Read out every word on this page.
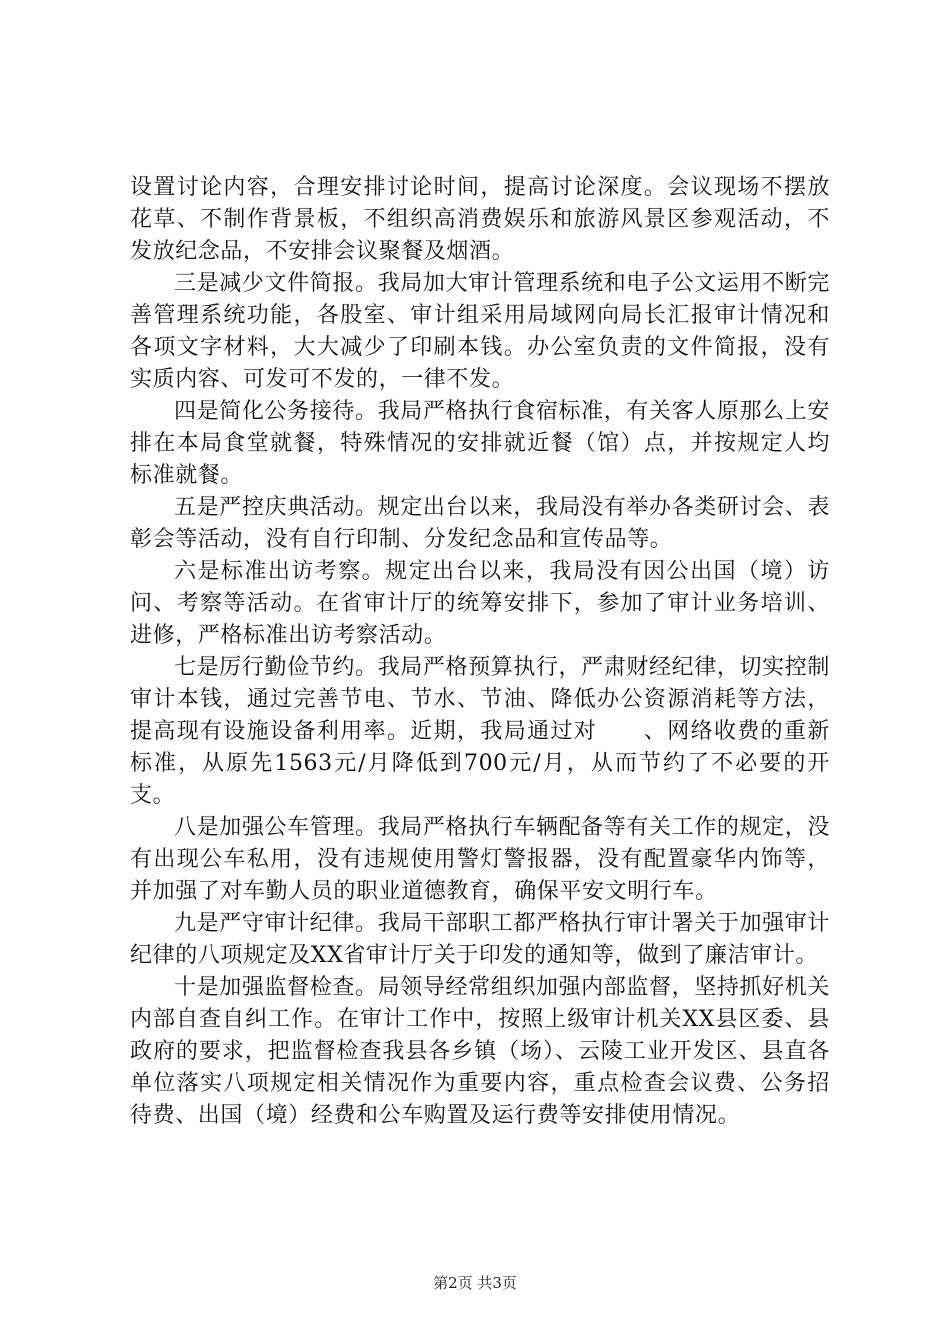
设置讨论内容，合理安排讨论时间，提高讨论深度。会议现场不摆放花草、不制作背景板，不组织高消费娱乐和旅游风景区参观活动，不发放纪念品，不安排会议聚餐及烟酒。

三是减少文件简报。我局加大审计管理系统和电子公文运用不断完善管理系统功能，各股室、审计组采用局域网向局长汇报审计情况和各项文字材料，大大减少了印刷本钱。办公室负责的文件简报，没有实质内容、可发可不发的，一律不发。

四是简化公务接待。我局严格执行食宿标准，有关客人原那么上安排在本局食堂就餐，特殊情况的安排就近餐（馆）点，并按规定人均标准就餐。

五是严控庆典活动。规定出台以来，我局没有举办各类研讨会、表彰会等活动，没有自行印制、分发纪念品和宣传品等。

六是标准出访考察。规定出台以来，我局没有因公出国（境）访问、考察等活动。在省审计厅的统筹安排下，参加了审计业务培训、进修，严格标准出访考察活动。

七是厉行勤俭节约。我局严格预算执行，严肃财经纪律，切实控制审计本钱，通过完善节电、节水、节油、降低办公资源消耗等方法，提高现有设施设备利用率。近期，我局通过对　　、网络收费的重新标准，从原先1563元/月降低到700元/月，从而节约了不必要的开支。

八是加强公车管理。我局严格执行车辆配备等有关工作的规定，没有出现公车私用，没有违规使用警灯警报器，没有配置豪华内饰等，并加强了对车勤人员的职业道德教育，确保平安文明行车。

九是严守审计纪律。我局干部职工都严格执行审计署关于加强审计纪律的八项规定及XX省审计厅关于印发的通知等，做到了廉洁审计。

十是加强监督检查。局领导经常组织加强内部监督，坚持抓好机关内部自查自纠工作。在审计工作中，按照上级审计机关XX县区委、县政府的要求，把监督检查我县各乡镇（场）、云陵工业开发区、县直各单位落实八项规定相关情况作为重要内容，重点检查会议费、公务招待费、出国（境）经费和公车购置及运行费等安排使用情况。

第2页 共3页
